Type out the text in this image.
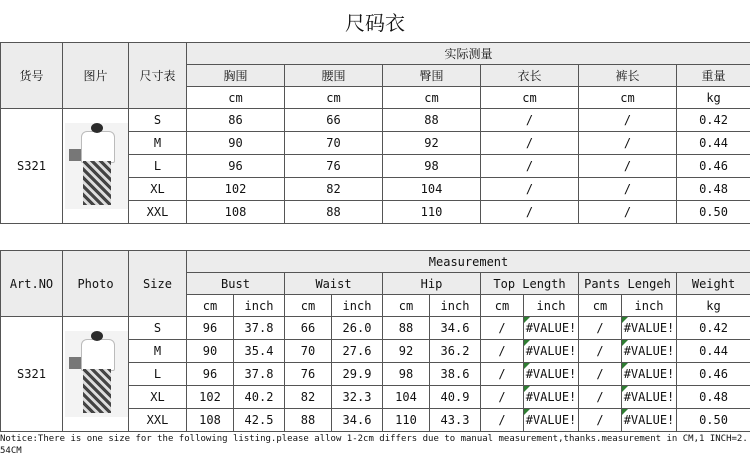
尺码衣
货号	图片	尺寸表	实际测量					
			胸围	腰围	臀围	衣长	裤长	重量
			cm	cm	cm	cm	cm	kg
S321		S	86	66	88	/	/	0.42
		M	90	70	92	/	/	0.44
		L	96	76	98	/	/	0.46
		XL	102	82	104	/	/	0.48
		XXL	108	88	110	/	/	0.50
Art.NO	Photo	Size	Measurement										
			Bust		Waist		Hip		Top Length		Pants Lengeh		Weight
			cm	inch	cm	inch	cm	inch	cm	inch	cm	inch	kg
S321		S	96	37.8	66	26.0	88	34.6	/	#VALUE!	/	#VALUE!	0.42
		M	90	35.4	70	27.6	92	36.2	/	#VALUE!	/	#VALUE!	0.44
		L	96	37.8	76	29.9	98	38.6	/	#VALUE!	/	#VALUE!	0.46
		XL	102	40.2	82	32.3	104	40.9	/	#VALUE!	/	#VALUE!	0.48
		XXL	108	42.5	88	34.6	110	43.3	/	#VALUE!	/	#VALUE!	0.50
Notice:There is one size for the following listing.please allow 1-2cm differs due to manual measurement,thanks.measurement in CM,1 INCH=2.54CM
